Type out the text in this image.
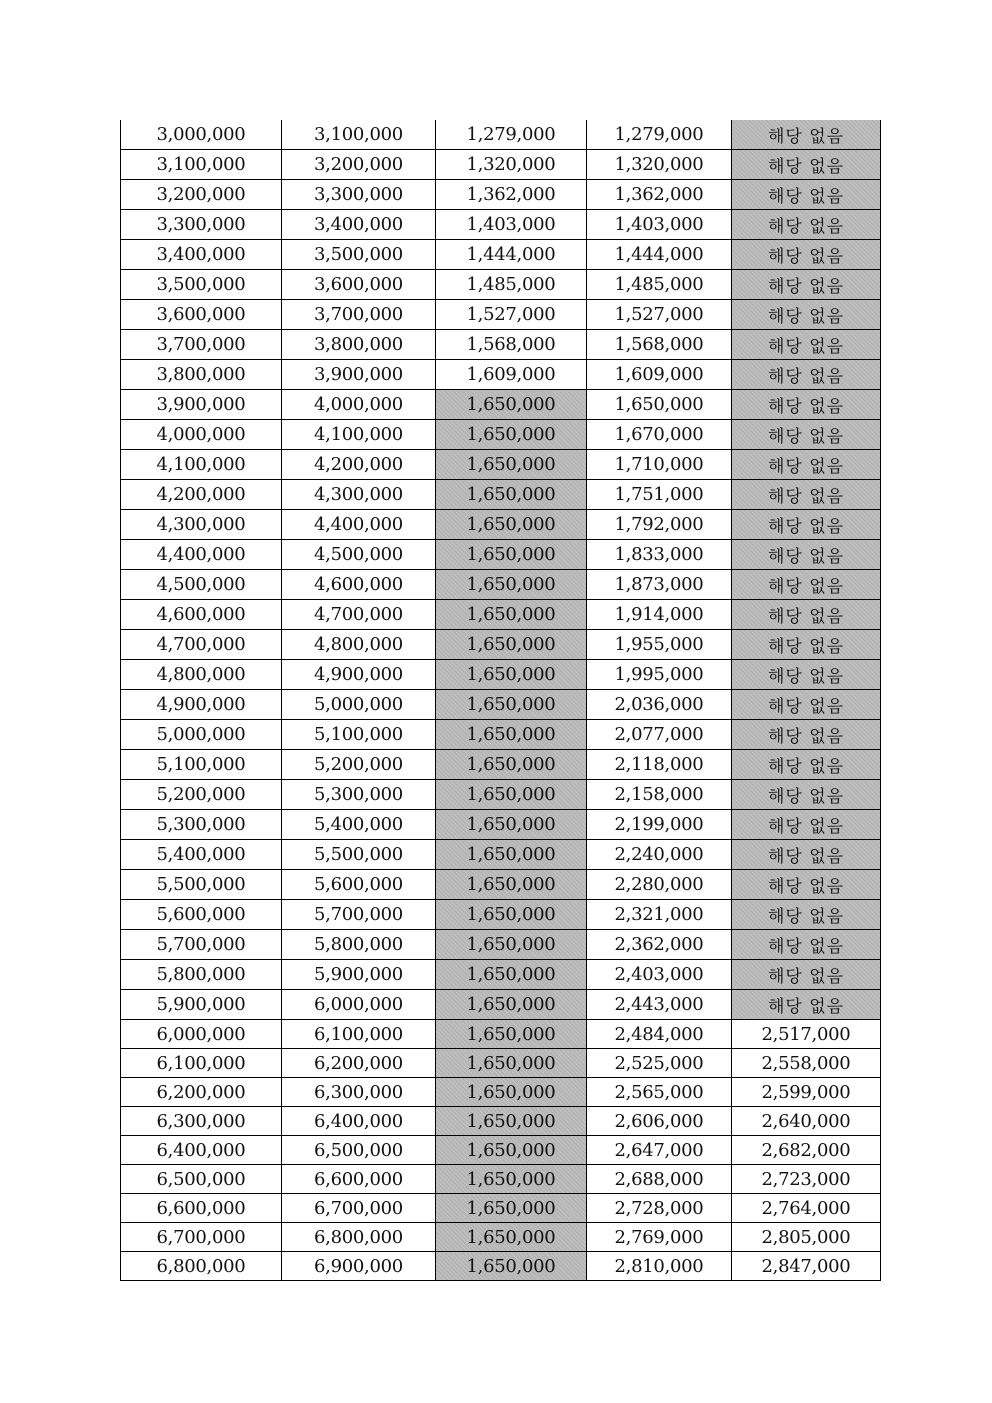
3,000,000	3,100,000	1,279,000	1,279,000	해당 없음
3,100,000	3,200,000	1,320,000	1,320,000	해당 없음
3,200,000	3,300,000	1,362,000	1,362,000	해당 없음
3,300,000	3,400,000	1,403,000	1,403,000	해당 없음
3,400,000	3,500,000	1,444,000	1,444,000	해당 없음
3,500,000	3,600,000	1,485,000	1,485,000	해당 없음
3,600,000	3,700,000	1,527,000	1,527,000	해당 없음
3,700,000	3,800,000	1,568,000	1,568,000	해당 없음
3,800,000	3,900,000	1,609,000	1,609,000	해당 없음
3,900,000	4,000,000	1,650,000	1,650,000	해당 없음
4,000,000	4,100,000	1,650,000	1,670,000	해당 없음
4,100,000	4,200,000	1,650,000	1,710,000	해당 없음
4,200,000	4,300,000	1,650,000	1,751,000	해당 없음
4,300,000	4,400,000	1,650,000	1,792,000	해당 없음
4,400,000	4,500,000	1,650,000	1,833,000	해당 없음
4,500,000	4,600,000	1,650,000	1,873,000	해당 없음
4,600,000	4,700,000	1,650,000	1,914,000	해당 없음
4,700,000	4,800,000	1,650,000	1,955,000	해당 없음
4,800,000	4,900,000	1,650,000	1,995,000	해당 없음
4,900,000	5,000,000	1,650,000	2,036,000	해당 없음
5,000,000	5,100,000	1,650,000	2,077,000	해당 없음
5,100,000	5,200,000	1,650,000	2,118,000	해당 없음
5,200,000	5,300,000	1,650,000	2,158,000	해당 없음
5,300,000	5,400,000	1,650,000	2,199,000	해당 없음
5,400,000	5,500,000	1,650,000	2,240,000	해당 없음
5,500,000	5,600,000	1,650,000	2,280,000	해당 없음
5,600,000	5,700,000	1,650,000	2,321,000	해당 없음
5,700,000	5,800,000	1,650,000	2,362,000	해당 없음
5,800,000	5,900,000	1,650,000	2,403,000	해당 없음
5,900,000	6,000,000	1,650,000	2,443,000	해당 없음
6,000,000	6,100,000	1,650,000	2,484,000	2,517,000
6,100,000	6,200,000	1,650,000	2,525,000	2,558,000
6,200,000	6,300,000	1,650,000	2,565,000	2,599,000
6,300,000	6,400,000	1,650,000	2,606,000	2,640,000
6,400,000	6,500,000	1,650,000	2,647,000	2,682,000
6,500,000	6,600,000	1,650,000	2,688,000	2,723,000
6,600,000	6,700,000	1,650,000	2,728,000	2,764,000
6,700,000	6,800,000	1,650,000	2,769,000	2,805,000
6,800,000	6,900,000	1,650,000	2,810,000	2,847,000
